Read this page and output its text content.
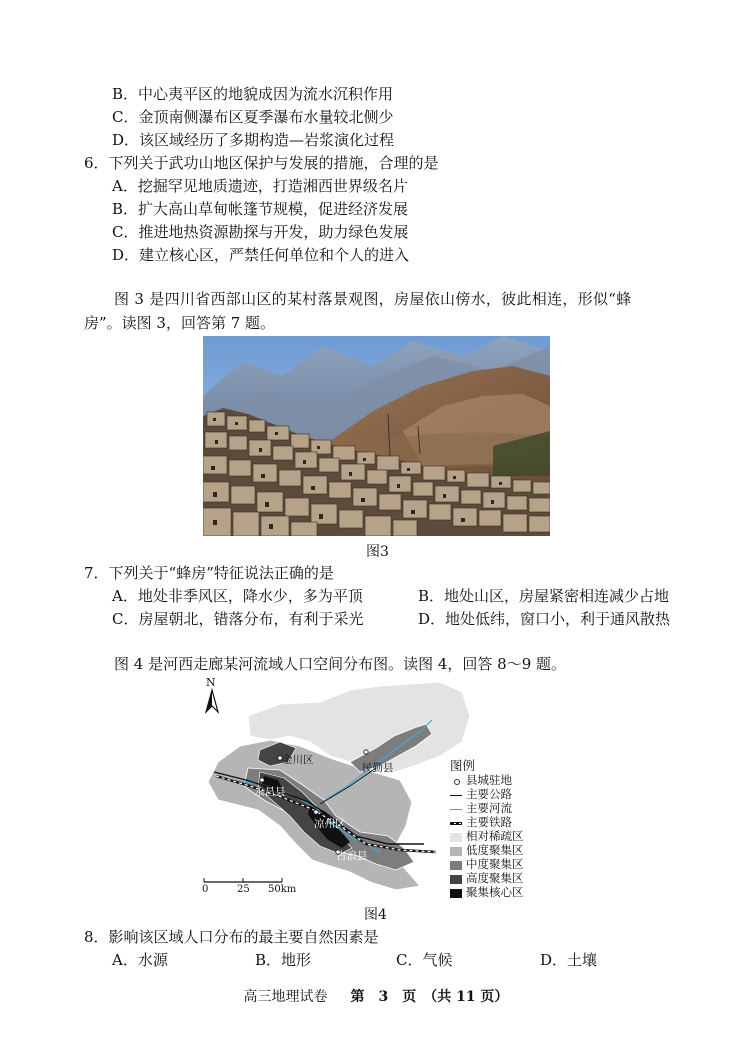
B．中心夷平区的地貌成因为流水沉积作用
C．金顶南侧瀑布区夏季瀑布水量较北侧少
D．该区域经历了多期构造—岩浆演化过程
6．下列关于武功山地区保护与发展的措施，合理的是
A．挖掘罕见地质遗迹，打造湘西世界级名片
B．扩大高山草甸帐篷节规模，促进经济发展
C．推进地热资源勘探与开发，助力绿色发展
D．建立核心区，严禁任何单位和个人的进入
图 3 是四川省西部山区的某村落景观图，房屋依山傍水，彼此相连，形似“蜂
房”。读图 3，回答第 7 题。
图3
7．下列关于“蜂房”特征说法正确的是
A．地处非季风区，降水少，多为平顶	B．地处山区，房屋紧密相连减少占地
C．房屋朝北，错落分布，有利于采光	D．地处低纬，窗口小，利于通风散热
图 4 是河西走廊某河流域人口空间分布图。读图 4，回答 8～9 题。
N
金川区
民勤县
永昌县
凉州区
古浪县
0	25 50km
图例
县城驻地
主要公路
主要河流
主要铁路
相对稀疏区
低度聚集区
中度聚集区
高度聚集区
聚集核心区
图4
8．影响该区域人口分布的最主要自然因素是
A．水源	B．地形	C．气候	D．土壤
高三地理试卷 第　3　页　（共 11 页）
